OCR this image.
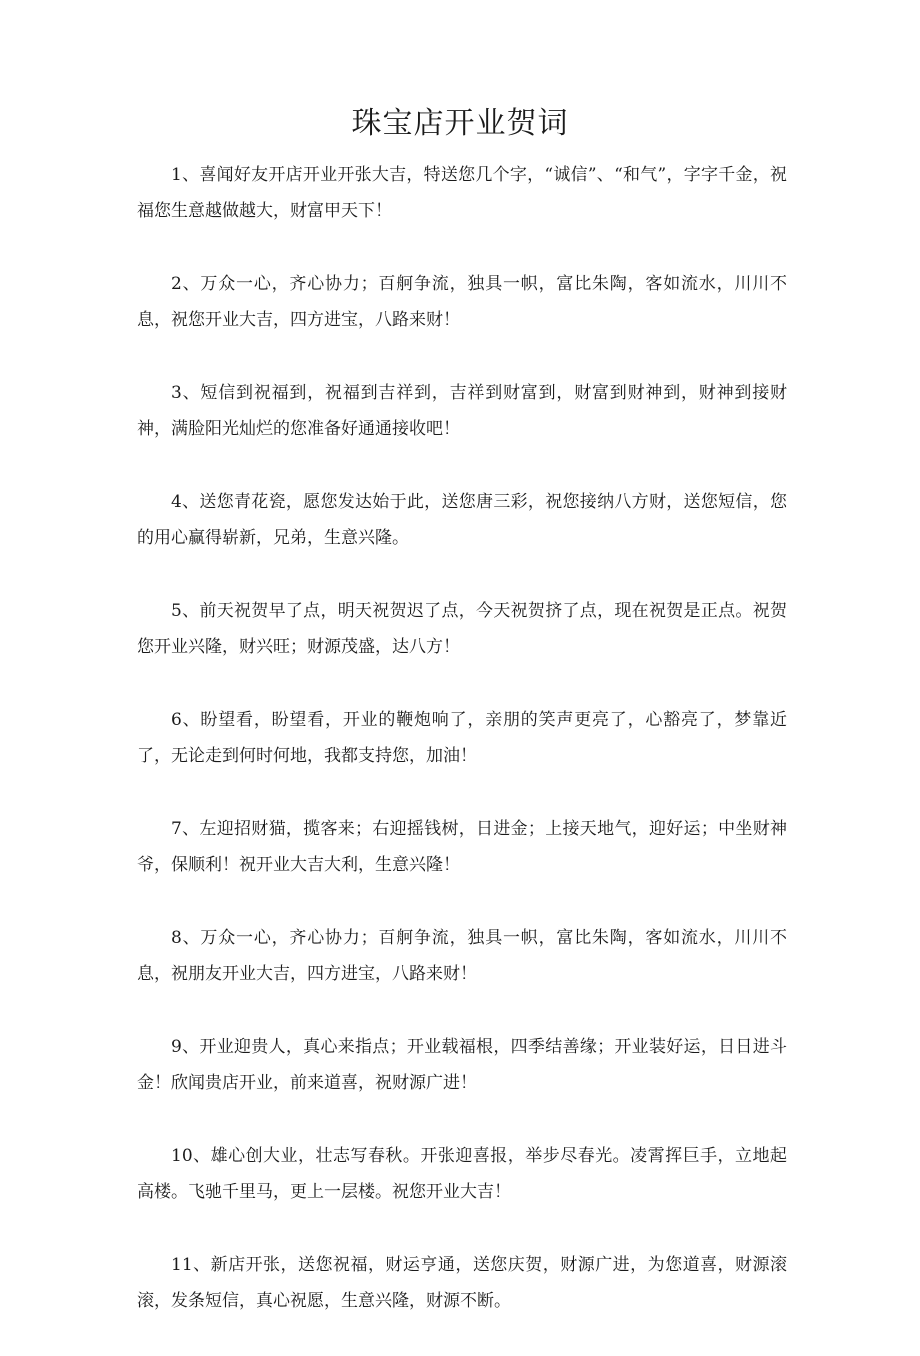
珠宝店开业贺词
1、喜闻好友开店开业开张大吉，特送您几个字，“诚信”、“和气”，字字千金，祝福您生意越做越大，财富甲天下！
2、万众一心，齐心协力；百舸争流，独具一帜，富比朱陶，客如流水，川川不息，祝您开业大吉，四方进宝，八路来财！
3、短信到祝福到，祝福到吉祥到，吉祥到财富到，财富到财神到，财神到接财神，满脸阳光灿烂的您准备好通通接收吧！
4、送您青花瓷，愿您发达始于此，送您唐三彩，祝您接纳八方财，送您短信，您的用心赢得崭新，兄弟，生意兴隆。
5、前天祝贺早了点，明天祝贺迟了点，今天祝贺挤了点，现在祝贺是正点。祝贺您开业兴隆，财兴旺；财源茂盛，达八方！
6、盼望看，盼望看，开业的鞭炮响了，亲朋的笑声更亮了，心豁亮了，梦靠近了，无论走到何时何地，我都支持您，加油！
7、左迎招财猫，揽客来；右迎摇钱树，日进金；上接天地气，迎好运；中坐财神爷，保顺利！祝开业大吉大利，生意兴隆！
8、万众一心，齐心协力；百舸争流，独具一帜，富比朱陶，客如流水，川川不息，祝朋友开业大吉，四方进宝，八路来财！
9、开业迎贵人，真心来指点；开业载福根，四季结善缘；开业装好运，日日进斗金！欣闻贵店开业，前来道喜，祝财源广进！
10、雄心创大业，壮志写春秋。开张迎喜报，举步尽春光。凌霄挥巨手，立地起高楼。飞驰千里马，更上一层楼。祝您开业大吉！
11、新店开张，送您祝福，财运亨通，送您庆贺，财源广进，为您道喜，财源滚滚，发条短信，真心祝愿，生意兴隆，财源不断。
